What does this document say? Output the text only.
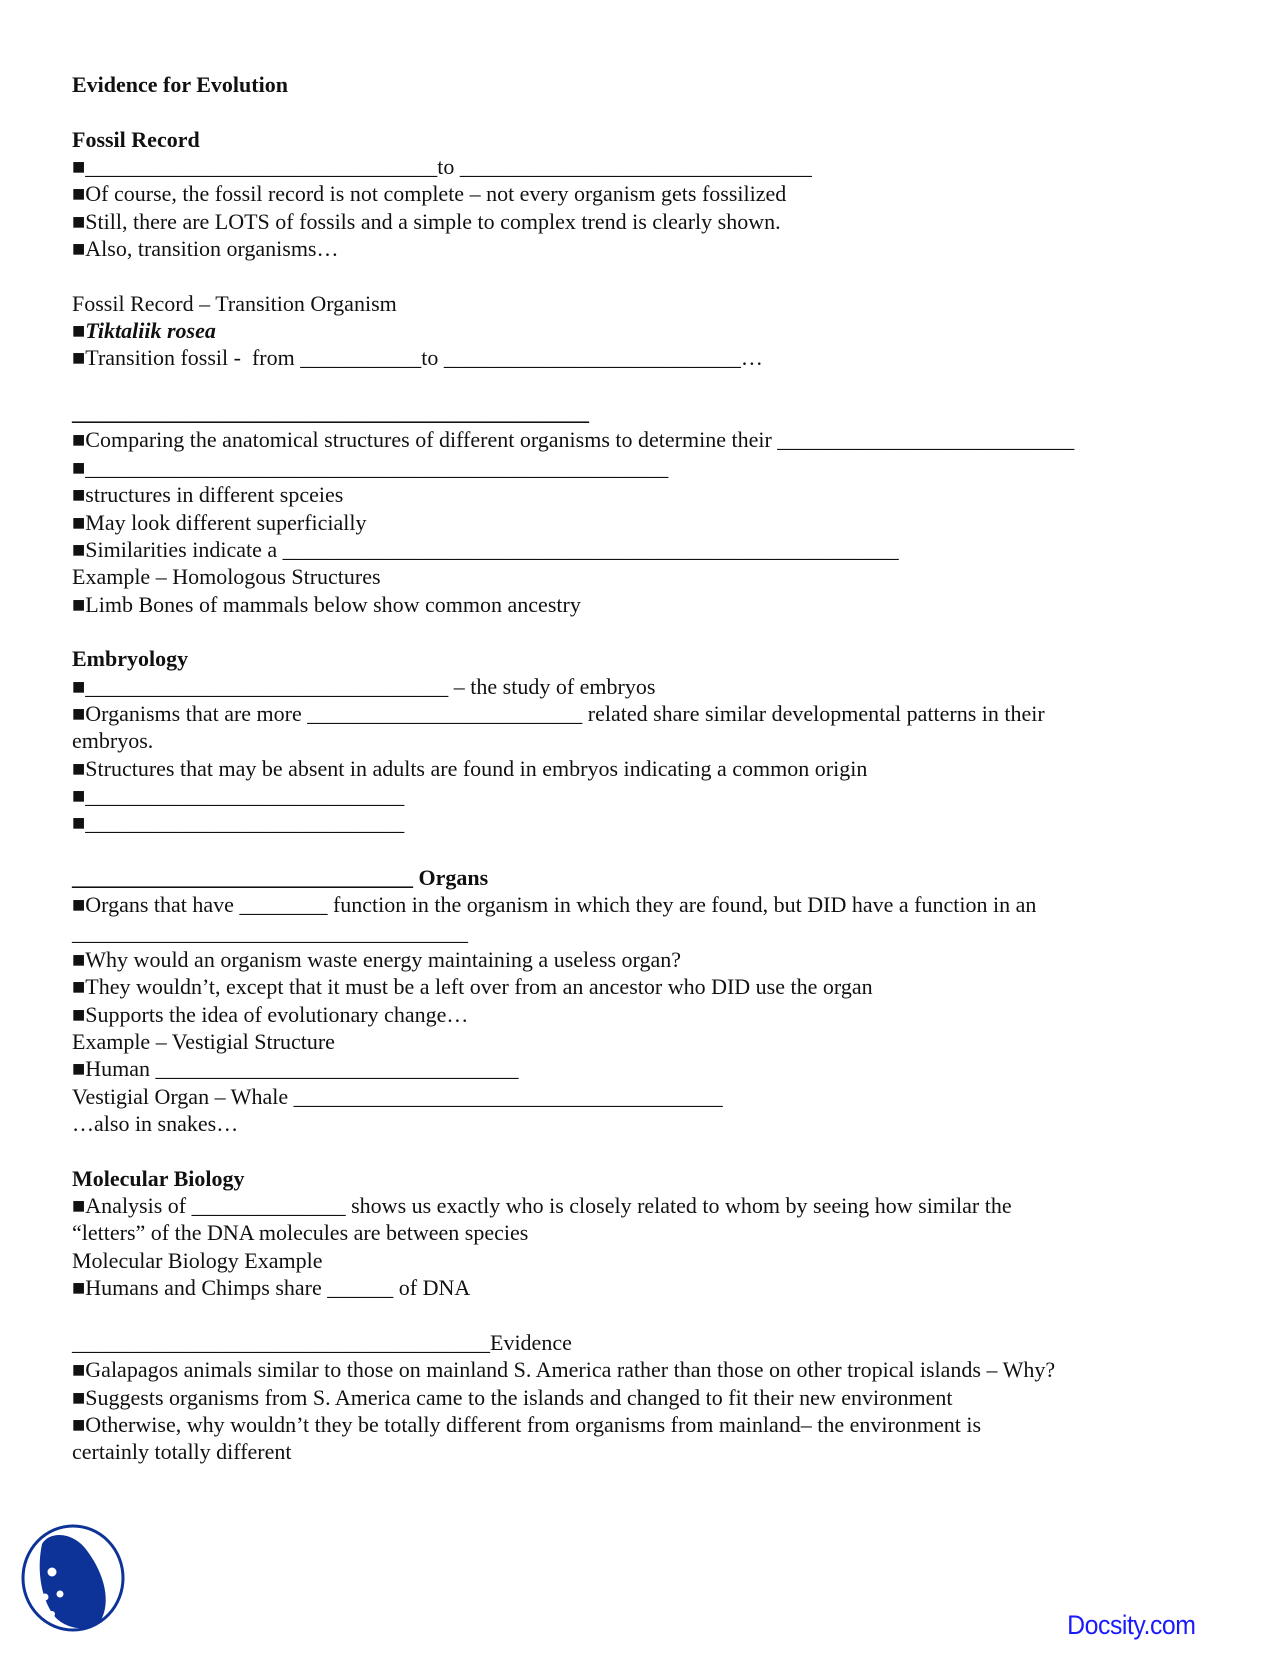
Evidence for Evolution
Fossil Record
■________________________________to ________________________________
■Of course, the fossil record is not complete – not every organism gets fossilized
■Still, there are LOTS of fossils and a simple to complex trend is clearly shown.
■Also, transition organisms…
Fossil Record – Transition Organism
■Tiktaliik rosea
■Transition fossil -  from ___________to ___________________________…
_______________________________________________
■Comparing the anatomical structures of different organisms to determine their ___________________________
■_____________________________________________________
■structures in different spceies
■May look different superficially
■Similarities indicate a ________________________________________________________
Example – Homologous Structures
■Limb Bones of mammals below show common ancestry
Embryology
■_________________________________ – the study of embryos
■Organisms that are more _________________________ related share similar developmental patterns in their
embryos.
■Structures that may be absent in adults are found in embryos indicating a common origin
■_____________________________
■_____________________________
_______________________________ Organs
■Organs that have ________ function in the organism in which they are found, but DID have a function in an
____________________________________
■Why would an organism waste energy maintaining a useless organ?
■They wouldn’t, except that it must be a left over from an ancestor who DID use the organ
■Supports the idea of evolutionary change…
Example – Vestigial Structure
■Human _________________________________
Vestigial Organ – Whale _______________________________________
…also in snakes…
Molecular Biology
■Analysis of ______________ shows us exactly who is closely related to whom by seeing how similar the
“letters” of the DNA molecules are between species
Molecular Biology Example
■Humans and Chimps share ______ of DNA
______________________________________Evidence
■Galapagos animals similar to those on mainland S. America rather than those on other tropical islands – Why?
■Suggests organisms from S. America came to the islands and changed to fit their new environment
■Otherwise, why wouldn’t they be totally different from organisms from mainland– the environment is
certainly totally different
Docsity.com
